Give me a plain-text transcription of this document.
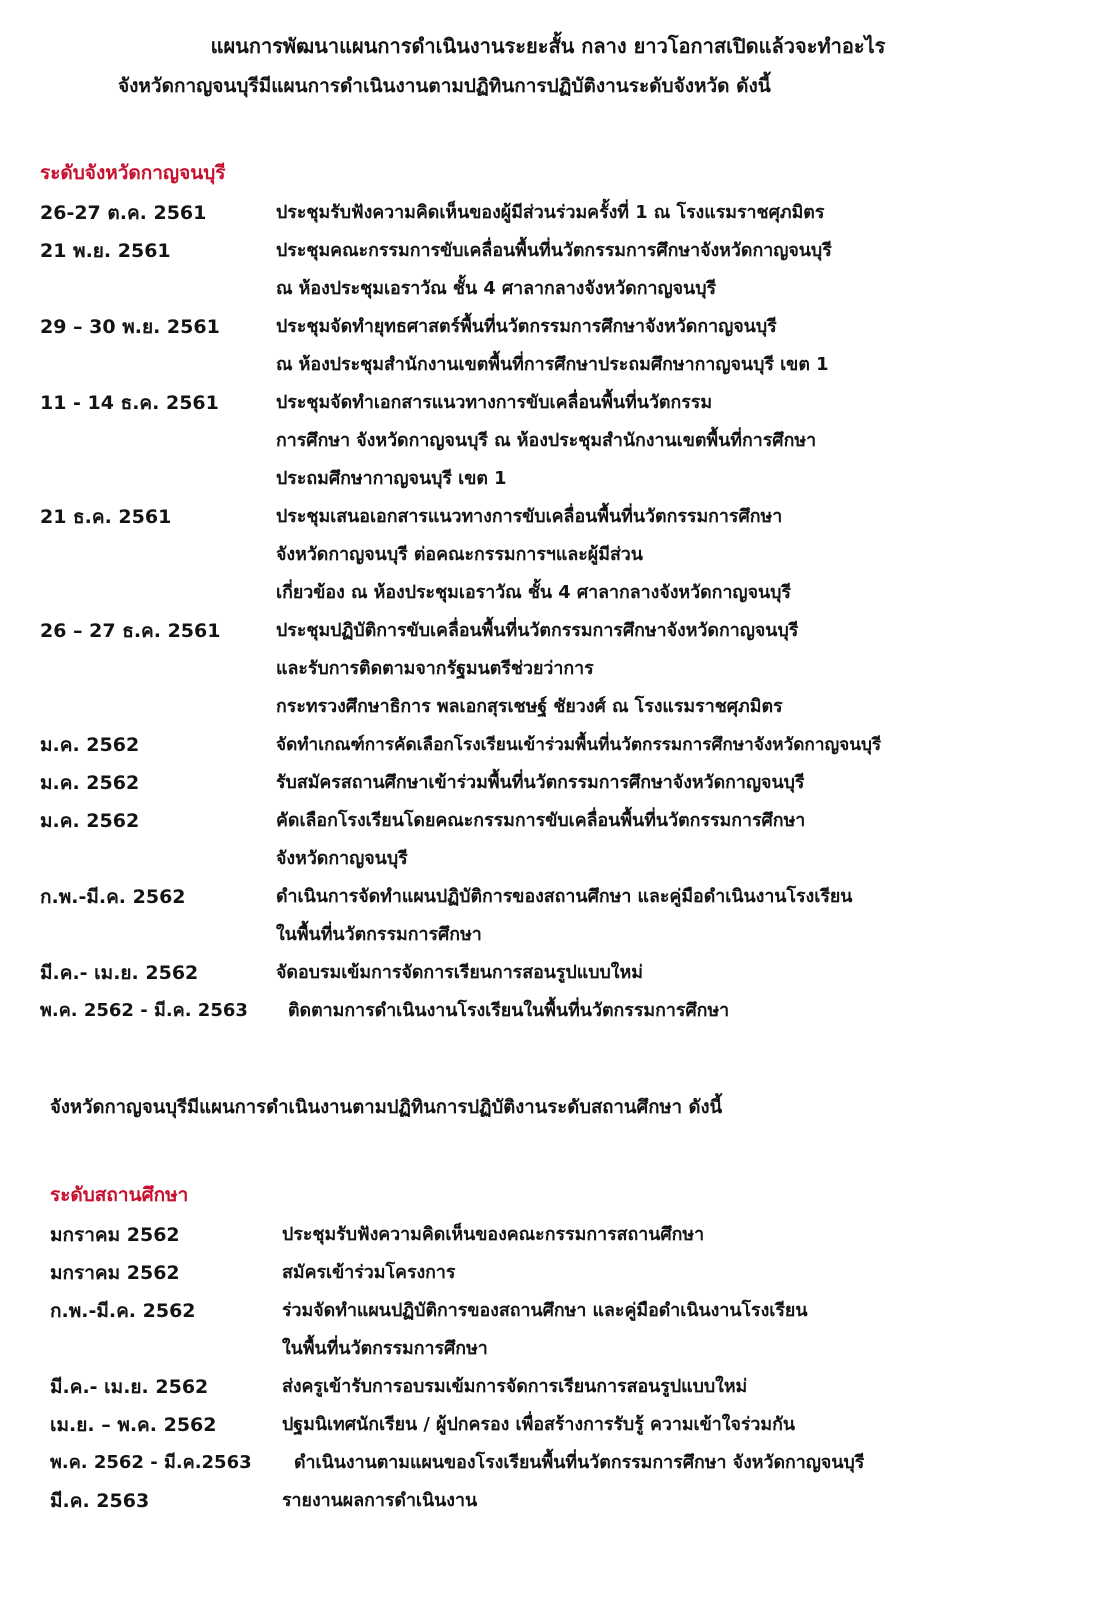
แผนการพัฒนาแผนการดำเนินงานระยะสั้น กลาง ยาวโอกาสเปิดแล้วจะทำอะไร
จังหวัดกาญจนบุรีมีแผนการดำเนินงานตามปฏิทินการปฏิบัติงานระดับจังหวัด ดังนี้
ระดับจังหวัดกาญจนบุรี
26-27 ต.ค. 2561	ประชุมรับฟังความคิดเห็นของผู้มีส่วนร่วมครั้งที่ 1 ณ โรงแรมราชศุภมิตร
21 พ.ย. 2561	ประชุมคณะกรรมการขับเคลื่อนพื้นที่นวัตกรรมการศึกษาจังหวัดกาญจนบุรี
ณ ห้องประชุมเอราวัณ ชั้น 4 ศาลากลางจังหวัดกาญจนบุรี
29 – 30 พ.ย. 2561	ประชุมจัดทำยุทธศาสตร์พื้นที่นวัตกรรมการศึกษาจังหวัดกาญจนบุรี
ณ ห้องประชุมสำนักงานเขตพื้นที่การศึกษาประถมศึกษากาญจนบุรี เขต 1
11 - 14 ธ.ค. 2561	ประชุมจัดทำเอกสารแนวทางการขับเคลื่อนพื้นที่นวัตกรรม
การศึกษา จังหวัดกาญจนบุรี ณ ห้องประชุมสำนักงานเขตพื้นที่การศึกษา
ประถมศึกษากาญจนบุรี เขต 1
21 ธ.ค. 2561	ประชุมเสนอเอกสารแนวทางการขับเคลื่อนพื้นที่นวัตกรรมการศึกษา
จังหวัดกาญจนบุรี ต่อคณะกรรมการฯและผู้มีส่วน
เกี่ยวข้อง ณ ห้องประชุมเอราวัณ ชั้น 4 ศาลากลางจังหวัดกาญจนบุรี
26 – 27 ธ.ค. 2561	ประชุมปฏิบัติการขับเคลื่อนพื้นที่นวัตกรรมการศึกษาจังหวัดกาญจนบุรี
และรับการติดตามจากรัฐมนตรีช่วยว่าการ
กระทรวงศึกษาธิการ พลเอกสุรเชษฐ์ ชัยวงศ์ ณ โรงแรมราชศุภมิตร
ม.ค. 2562	จัดทำเกณฑ์การคัดเลือกโรงเรียนเข้าร่วมพื้นที่นวัตกรรมการศึกษาจังหวัดกาญจนบุรี
ม.ค. 2562	รับสมัครสถานศึกษาเข้าร่วมพื้นที่นวัตกรรมการศึกษาจังหวัดกาญจนบุรี
ม.ค. 2562	คัดเลือกโรงเรียนโดยคณะกรรมการขับเคลื่อนพื้นที่นวัตกรรมการศึกษา
จังหวัดกาญจนบุรี
ก.พ.-มี.ค. 2562	ดำเนินการจัดทำแผนปฏิบัติการของสถานศึกษา และคู่มือดำเนินงานโรงเรียน
ในพื้นที่นวัตกรรมการศึกษา
มี.ค.- เม.ย. 2562	จัดอบรมเข้มการจัดการเรียนการสอนรูปแบบใหม่
พ.ค. 2562 - มี.ค. 2563	ติดตามการดำเนินงานโรงเรียนในพื้นที่นวัตกรรมการศึกษา
จังหวัดกาญจนบุรีมีแผนการดำเนินงานตามปฏิทินการปฏิบัติงานระดับสถานศึกษา ดังนี้
ระดับสถานศึกษา
มกราคม 2562	ประชุมรับฟังความคิดเห็นของคณะกรรมการสถานศึกษา
มกราคม 2562	สมัครเข้าร่วมโครงการ
ก.พ.-มี.ค. 2562	ร่วมจัดทำแผนปฏิบัติการของสถานศึกษา และคู่มือดำเนินงานโรงเรียน
ในพื้นที่นวัตกรรมการศึกษา
มี.ค.- เม.ย. 2562	ส่งครูเข้ารับการอบรมเข้มการจัดการเรียนการสอนรูปแบบใหม่
เม.ย. – พ.ค. 2562	ปฐมนิเทศนักเรียน / ผู้ปกครอง เพื่อสร้างการรับรู้ ความเข้าใจร่วมกัน
พ.ค. 2562 - มี.ค.2563	ดำเนินงานตามแผนของโรงเรียนพื้นที่นวัตกรรมการศึกษา จังหวัดกาญจนบุรี
มี.ค. 2563	รายงานผลการดำเนินงาน
